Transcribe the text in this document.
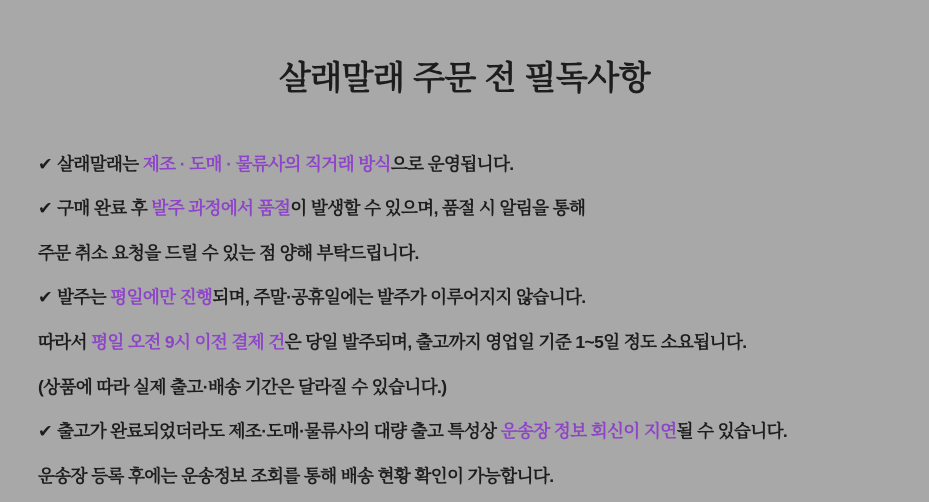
살래말래 주문 전 필독사항

✔ 살래말래는 제조 · 도매 · 물류사의 직거래 방식으로 운영됩니다.

✔ 구매 완료 후 발주 과정에서 품절이 발생할 수 있으며, 품절 시 알림을 통해

주문 취소 요청을 드릴 수 있는 점 양해 부탁드립니다.

✔ 발주는 평일에만 진행되며, 주말·공휴일에는 발주가 이루어지지 않습니다.

따라서 평일 오전 9시 이전 결제 건은 당일 발주되며, 출고까지 영업일 기준 1~5일 정도 소요됩니다.

(상품에 따라 실제 출고·배송 기간은 달라질 수 있습니다.)

✔ 출고가 완료되었더라도 제조·도매·물류사의 대량 출고 특성상 운송장 정보 회신이 지연될 수 있습니다.

운송장 등록 후에는 운송정보 조회를 통해 배송 현황 확인이 가능합니다.
